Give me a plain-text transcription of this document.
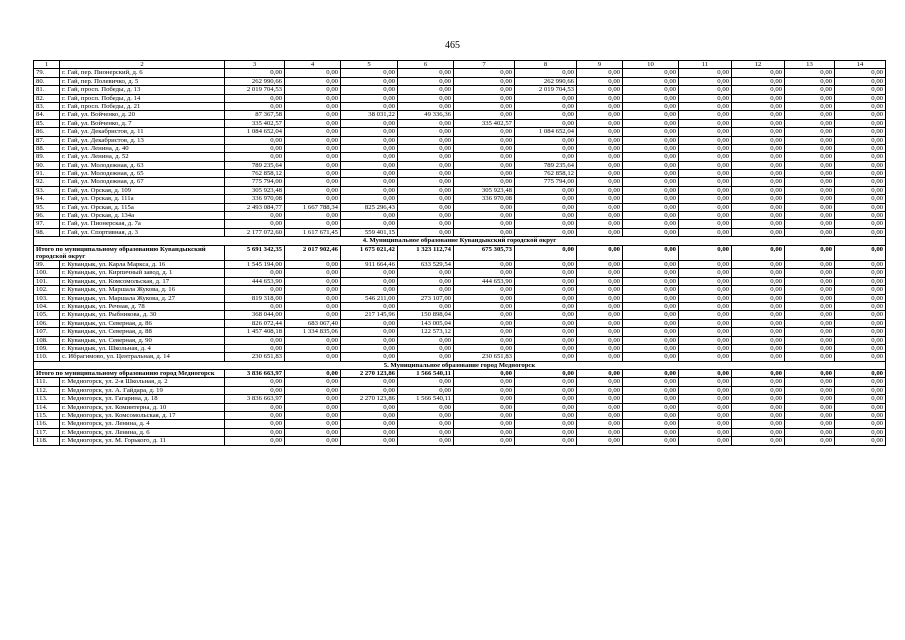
465
1	2	3	4	5	6	7	8	9	10	11	12	13	14
79.	г. Гай, пер. Пионерский, д. 6	0,00	0,00	0,00	0,00	0,00	0,00	0,00	0,00	0,00	0,00	0,00	0,00
80.	г. Гай, пер. Полевичко, д. 5	262 990,66	0,00	0,00	0,00	0,00	262 990,66	0,00	0,00	0,00	0,00	0,00	0,00
81.	г. Гай, просп. Победы, д. 13	2 019 704,53	0,00	0,00	0,00	0,00	2 019 704,53	0,00	0,00	0,00	0,00	0,00	0,00
82.	г. Гай, просп. Победы, д. 14	0,00	0,00	0,00	0,00	0,00	0,00	0,00	0,00	0,00	0,00	0,00	0,00
83.	г. Гай, просп. Победы, д. 21	0,00	0,00	0,00	0,00	0,00	0,00	0,00	0,00	0,00	0,00	0,00	0,00
84.	г. Гай, ул. Войченко, д. 20	87 367,58	0,00	38 031,22	49 336,36	0,00	0,00	0,00	0,00	0,00	0,00	0,00	0,00
85.	г. Гай, ул. Войченко, д. 7	335 402,57	0,00	0,00	0,00	335 402,57	0,00	0,00	0,00	0,00	0,00	0,00	0,00
86.	г. Гай, ул. Декабристов, д. 11	1 084 652,04	0,00	0,00	0,00	0,00	1 084 652,04	0,00	0,00	0,00	0,00	0,00	0,00
87.	г. Гай, ул. Декабристов, д. 13	0,00	0,00	0,00	0,00	0,00	0,00	0,00	0,00	0,00	0,00	0,00	0,00
88.	г. Гай, ул. Ленина, д. 40	0,00	0,00	0,00	0,00	0,00	0,00	0,00	0,00	0,00	0,00	0,00	0,00
89.	г. Гай, ул. Ленина, д. 52	0,00	0,00	0,00	0,00	0,00	0,00	0,00	0,00	0,00	0,00	0,00	0,00
90.	г. Гай, ул. Молодежная, д. 63	789 235,64	0,00	0,00	0,00	0,00	789 235,64	0,00	0,00	0,00	0,00	0,00	0,00
91.	г. Гай, ул. Молодежная, д. 65	762 858,12	0,00	0,00	0,00	0,00	762 858,12	0,00	0,00	0,00	0,00	0,00	0,00
92.	г. Гай, ул. Молодежная, д. 67	775 794,00	0,00	0,00	0,00	0,00	775 794,00	0,00	0,00	0,00	0,00	0,00	0,00
93.	г. Гай, ул. Орская, д. 109	305 923,48	0,00	0,00	0,00	305 923,48	0,00	0,00	0,00	0,00	0,00	0,00	0,00
94.	г. Гай, ул. Орская, д. 111а	336 970,08	0,00	0,00	0,00	336 970,08	0,00	0,00	0,00	0,00	0,00	0,00	0,00
95.	г. Гай, ул. Орская, д. 115а	2 493 084,77	1 667 788,34	825 296,43	0,00	0,00	0,00	0,00	0,00	0,00	0,00	0,00	0,00
96.	г. Гай, ул. Орская, д. 134а	0,00	0,00	0,00	0,00	0,00	0,00	0,00	0,00	0,00	0,00	0,00	0,00
97.	г. Гай, ул. Пионерская, д. 7а	0,00	0,00	0,00	0,00	0,00	0,00	0,00	0,00	0,00	0,00	0,00	0,00
98.	г. Гай, ул. Спортивная, д. 3	2 177 072,60	1 617 671,45	559 401,15	0,00	0,00	0,00	0,00	0,00	0,00	0,00	0,00	0,00
4. Муниципальное образование Кувандыкский городской округ													
Итого по муниципальному образованию Кувандыкский городской округ		5 691 342,35	2 017 902,46	1 675 021,42	1 323 112,74	675 305,73	0,00	0,00	0,00	0,00	0,00	0,00	0,00
99.	г. Кувандык, ул. Карла Маркса, д. 16	1 545 194,00	0,00	911 664,46	633 529,54	0,00	0,00	0,00	0,00	0,00	0,00	0,00	0,00
100.	г. Кувандык, ул. Кирпичный завод, д. 1	0,00	0,00	0,00	0,00	0,00	0,00	0,00	0,00	0,00	0,00	0,00	0,00
101.	г. Кувандык, ул. Комсомольская, д. 17	444 653,90	0,00	0,00	0,00	444 653,90	0,00	0,00	0,00	0,00	0,00	0,00	0,00
102.	г. Кувандык, ул. Маршала Жукова, д. 16	0,00	0,00	0,00	0,00	0,00	0,00	0,00	0,00	0,00	0,00	0,00	0,00
103.	г. Кувандык, ул. Маршала Жукова, д. 27	819 318,00	0,00	546 211,00	273 107,00	0,00	0,00	0,00	0,00	0,00	0,00	0,00	0,00
104.	г. Кувандык, ул. Речная, д. 78	0,00	0,00	0,00	0,00	0,00	0,00	0,00	0,00	0,00	0,00	0,00	0,00
105.	г. Кувандык, ул. Рыбникова, д. 30	368 044,00	0,00	217 145,96	150 898,04	0,00	0,00	0,00	0,00	0,00	0,00	0,00	0,00
106.	г. Кувандык, ул. Северная, д. 86	826 072,44	683 067,40	0,00	143 005,04	0,00	0,00	0,00	0,00	0,00	0,00	0,00	0,00
107.	г. Кувандык, ул. Северная, д. 88	1 457 408,18	1 334 835,06	0,00	122 573,12	0,00	0,00	0,00	0,00	0,00	0,00	0,00	0,00
108.	г. Кувандык, ул. Северная, д. 90	0,00	0,00	0,00	0,00	0,00	0,00	0,00	0,00	0,00	0,00	0,00	0,00
109.	г. Кувандык, ул. Школьная, д. 4	0,00	0,00	0,00	0,00	0,00	0,00	0,00	0,00	0,00	0,00	0,00	0,00
110.	с. Ибрагимово, ул. Центральная, д. 14	230 651,83	0,00	0,00	0,00	230 651,83	0,00	0,00	0,00	0,00	0,00	0,00	0,00
5. Муниципальное образование город Медногорск													
Итого по муниципальному образованию город Медногорск		3 836 663,97	0,00	2 270 123,86	1 566 540,11	0,00	0,00	0,00	0,00	0,00	0,00	0,00	0,00
111.	г. Медногорск, ул. 2-я Школьная, д. 2	0,00	0,00	0,00	0,00	0,00	0,00	0,00	0,00	0,00	0,00	0,00	0,00
112.	г. Медногорск, ул. А. Гайдара, д. 19	0,00	0,00	0,00	0,00	0,00	0,00	0,00	0,00	0,00	0,00	0,00	0,00
113.	г. Медногорск, ул. Гагарина, д. 18	3 836 663,97	0,00	2 270 123,86	1 566 540,11	0,00	0,00	0,00	0,00	0,00	0,00	0,00	0,00
114.	г. Медногорск, ул. Коминтерна, д. 10	0,00	0,00	0,00	0,00	0,00	0,00	0,00	0,00	0,00	0,00	0,00	0,00
115.	г. Медногорск, ул. Комсомольская, д. 17	0,00	0,00	0,00	0,00	0,00	0,00	0,00	0,00	0,00	0,00	0,00	0,00
116.	г. Медногорск, ул. Ленина, д. 4	0,00	0,00	0,00	0,00	0,00	0,00	0,00	0,00	0,00	0,00	0,00	0,00
117.	г. Медногорск, ул. Ленина, д. 6	0,00	0,00	0,00	0,00	0,00	0,00	0,00	0,00	0,00	0,00	0,00	0,00
118.	г. Медногорск, ул. М. Горького, д. 11	0,00	0,00	0,00	0,00	0,00	0,00	0,00	0,00	0,00	0,00	0,00	0,00
